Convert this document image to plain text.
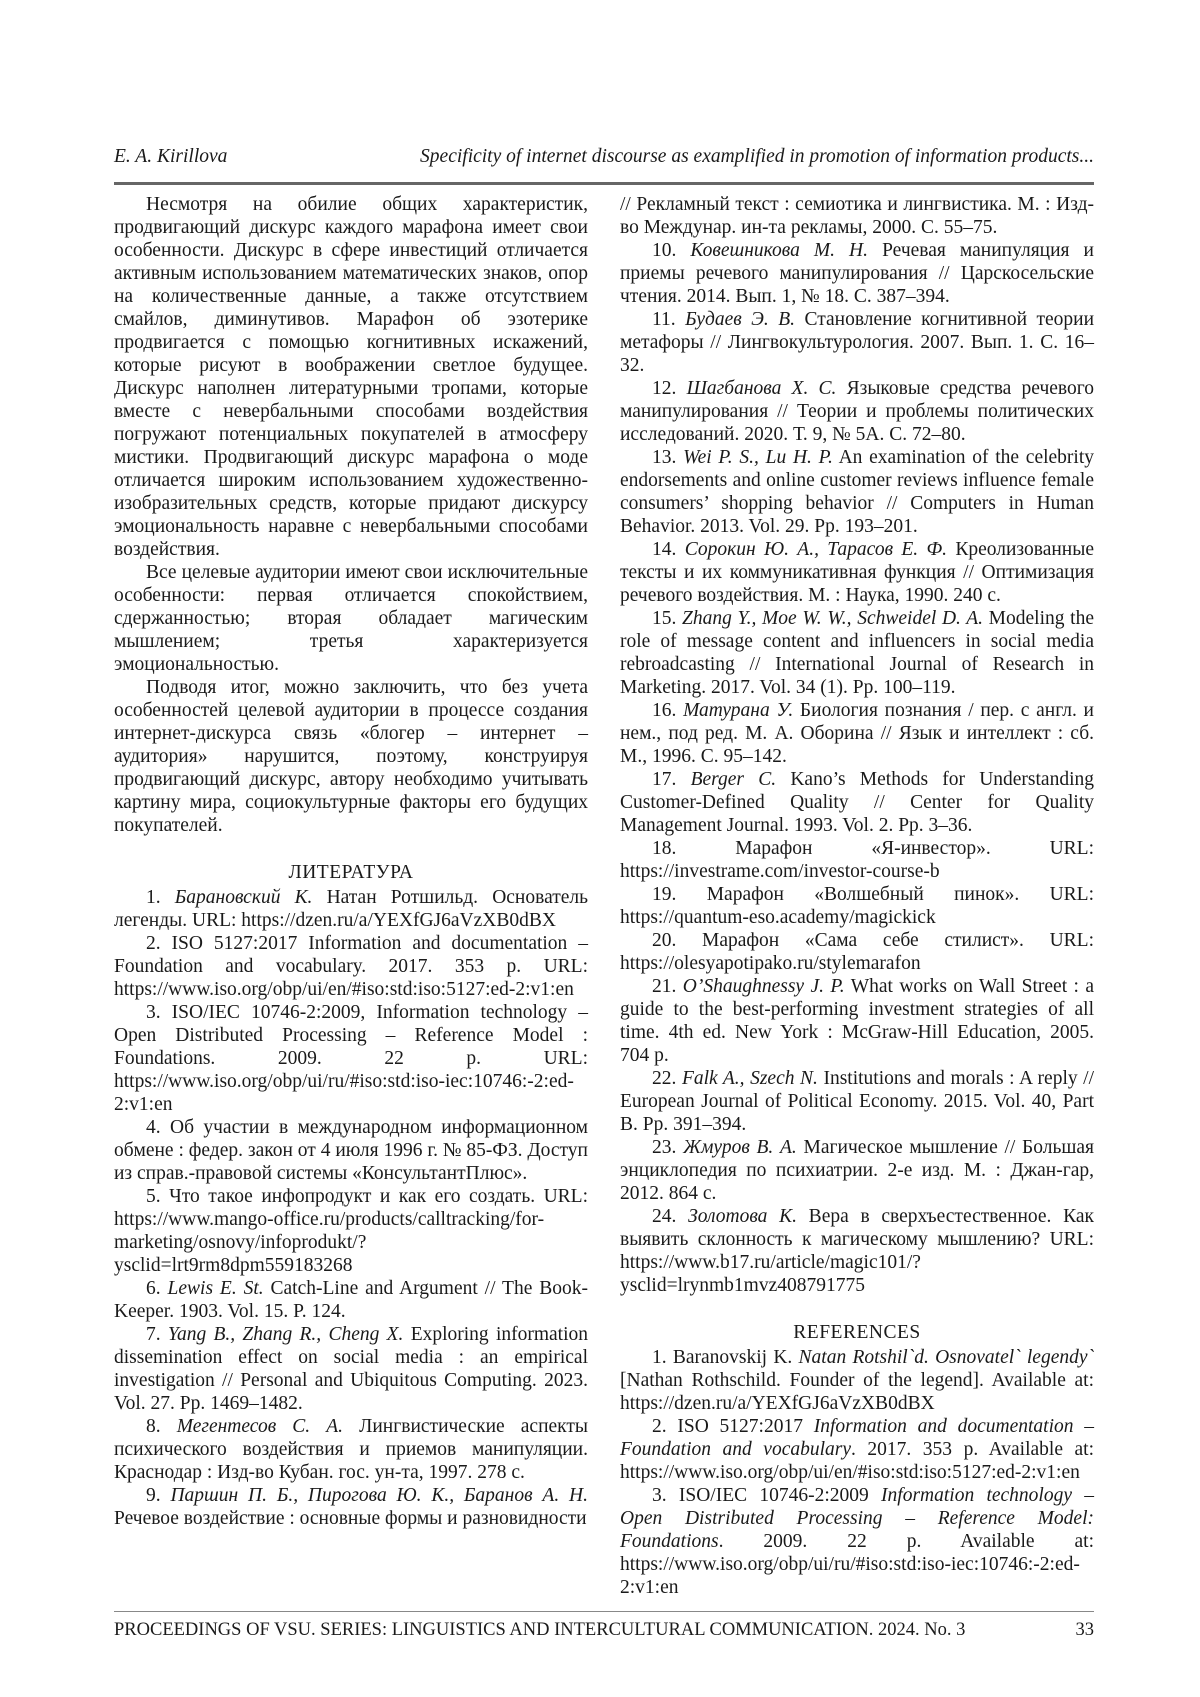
E. A. Kirillova	Specificity of internet discourse as examplified in promotion of information products...

Несмотря на обилие общих характеристик, продвигающий дискурс каждого марафона имеет свои особенности. Дискурс в сфере инвестиций отличается активным использованием математических знаков, опор на количественные данные, а также отсутствием смайлов, диминутивов. Марафон об эзотерике продвигается с помощью когнитивных искажений, которые рисуют в воображении светлое будущее. Дискурс наполнен литературными тропами, которые вместе с невербальными способами воздействия погружают потенциальных покупателей в атмосферу мистики. Продвигающий дискурс марафона о моде отличается широким использованием художественно-изобразительных средств, которые придают дискурсу эмоциональность наравне с невербальными способами воздействия.

Все целевые аудитории имеют свои исключительные особенности: первая отличается спокойствием, сдержанностью; вторая обладает магическим мышлением; третья характеризуется эмоциональностью.

Подводя итог, можно заключить, что без учета особенностей целевой аудитории в процессе создания интернет-дискурса связь «блогер – интернет – аудитория» нарушится, поэтому, конструируя продвигающий дискурс, автору необходимо учитывать картину мира, социокультурные факторы его будущих покупателей.

ЛИТЕРАТУРА

1. Барановский К. Натан Ротшильд. Основатель легенды. URL: https://dzen.ru/a/YEXfGJ6aVzXB0dBX

2. ISO 5127:2017 Information and documentation – Foundation and vocabulary. 2017. 353 p. URL: https://www.iso.org/obp/ui/en/#iso:std:iso:5127:ed-2:v1:en

3. ISO/IEC 10746-2:2009, Information technology – Open Distributed Processing – Reference Model : Foundations. 2009. 22 p. URL: https://www.iso.org/obp/ui/ru/#iso:std:iso-iec:10746:-2:ed-2:v1:en

4. Об участии в международном информационном обмене : федер. закон от 4 июля 1996 г. № 85-ФЗ. Доступ из справ.-правовой системы «КонсультантПлюс».

5. Что такое инфопродукт и как его создать. URL: https://www.mango-office.ru/products/calltracking/for-marketing/osnovy/infoprodukt/?ysclid=lrt9rm8dpm559183268

6. Lewis E. St. Catch-Line and Argument // The Book-Keeper. 1903. Vol. 15. P. 124.

7. Yang B., Zhang R., Cheng X. Exploring information dissemination effect on social media : an empirical investigation // Personal and Ubiquitous Computing. 2023. Vol. 27. Pp. 1469–1482.

8. Мегентесов С. А. Лингвистические аспекты психического воздействия и приемов манипуляции. Краснодар : Изд-во Кубан. гос. ун-та, 1997. 278 с.

9. Паршин П. Б., Пирогова Ю. К., Баранов А. Н. Речевое воздействие : основные формы и разновидности

// Рекламный текст : семиотика и лингвистика. М. : Изд-во Междунар. ин-та рекламы, 2000. С. 55–75.

10. Ковешникова М. Н. Речевая манипуляция и приемы речевого манипулирования // Царскосельские чтения. 2014. Вып. 1, № 18. С. 387–394.

11. Будаев Э. В. Становление когнитивной теории метафоры // Лингвокультурология. 2007. Вып. 1. С. 16–32.

12. Шагбанова Х. С. Языковые средства речевого манипулирования // Теории и проблемы политических исследований. 2020. Т. 9, № 5А. С. 72–80.

13. Wei P. S., Lu H. P. An examination of the celebrity endorsements and online customer reviews influence female consumers’ shopping behavior // Computers in Human Behavior. 2013. Vol. 29. Pp. 193–201.

14. Сорокин Ю. А., Тарасов Е. Ф. Креолизованные тексты и их коммуникативная функция // Оптимизация речевого воздействия. М. : Наука, 1990. 240 с.

15. Zhang Y., Moe W. W., Schweidel D. A. Modeling the role of message content and influencers in social media rebroadcasting // International Journal of Research in Marketing. 2017. Vol. 34 (1). Pp. 100–119.

16. Матурана У. Биология познания / пер. с англ. и нем., под ред. М. А. Оборина // Язык и интеллект : сб. М., 1996. С. 95–142.

17. Berger C. Kano’s Methods for Understanding Customer-Defined Quality // Center for Quality Management Journal. 1993. Vol. 2. Pp. 3–36.

18. Марафон «Я-инвестор». URL: https://investrame.com/investor-course-b

19. Марафон «Волшебный пинок». URL: https://quantum-eso.academy/magickick

20. Марафон «Сама себе стилист». URL: https://olesyapotipako.ru/stylemarafon

21. O’Shaughnessy J. P. What works on Wall Street : a guide to the best-performing investment strategies of all time. 4th ed. New York : McGraw-Hill Education, 2005. 704 p.

22. Falk A., Szech N. Institutions and morals : A reply // European Journal of Political Economy. 2015. Vol. 40, Part B. Pp. 391–394.

23. Жмуров В. А. Магическое мышление // Большая энциклопедия по психиатрии. 2-е изд. М. : Джан-гар, 2012. 864 с.

24. Золотова К. Вера в сверхъестественное. Как выявить склонность к магическому мышлению? URL: https://www.b17.ru/article/magic101/?ysclid=lrynmb1mvz408791775

REFERENCES

1. Baranovskij K. Natan Rotshil`d. Osnovatel` legendy` [Nathan Rothschild. Founder of the legend]. Available at: https://dzen.ru/a/YEXfGJ6aVzXB0dBX

2. ISO 5127:2017 Information and documentation – Foundation and vocabulary. 2017. 353 p. Available at: https://www.iso.org/obp/ui/en/#iso:std:iso:5127:ed-2:v1:en

3. ISO/IEC 10746-2:2009 Information technology – Open Distributed Processing – Reference Model: Foundations. 2009. 22 p. Available at: https://www.iso.org/obp/ui/ru/#iso:std:iso-iec:10746:-2:ed-2:v1:en

PROCEEDINGS OF VSU. SERIES: LINGUISTICS AND INTERCULTURAL COMMUNICATION. 2024. No. 3	33
